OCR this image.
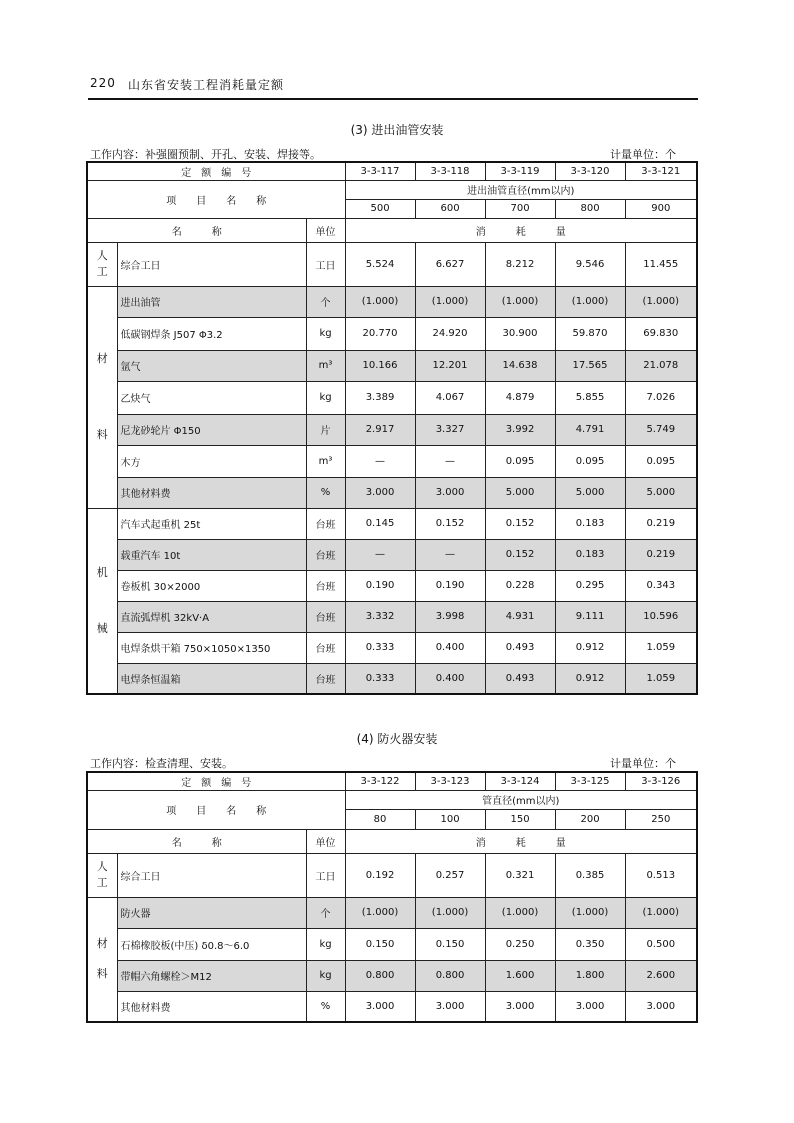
220 山东省安装工程消耗量定额
(3) 进出油管安装
工作内容：补强圈预制、开孔、安装、焊接等。	计量单位：个
定　额　编　号			3-3-117	3-3-118	3-3-119	3-3-120	3-3-121
项　　目　　名　　称			进出油管直径(mm以内)				
			500	600	700	800	900
名　　　称		单位	消　　　耗　　　量				
人工	综合工日	工日	5.524	6.627	8.212	9.546	11.455

材
料	进出油管	个	(1.000)	(1.000)	(1.000)	(1.000)	(1.000)
	低碳钢焊条 J507 Φ3.2	kg	20.770	24.920	30.900	59.870	69.830
	氩气	m³	10.166	12.201	14.638	17.565	21.078
	乙炔气	kg	3.389	4.067	4.879	5.855	7.026
	尼龙砂轮片 Φ150	片	2.917	3.327	3.992	4.791	5.749
	木方	m³	—	—	0.095	0.095	0.095
	其他材料费	%	3.000	3.000	5.000	5.000	5.000

机
械	汽车式起重机 25t	台班	0.145	0.152	0.152	0.183	0.219
	载重汽车 10t	台班	—	—	0.152	0.183	0.219
	卷板机 30×2000	台班	0.190	0.190	0.228	0.295	0.343
	直流弧焊机 32kV·A	台班	3.332	3.998	4.931	9.111	10.596
	电焊条烘干箱 750×1050×1350	台班	0.333	0.400	0.493	0.912	1.059
	电焊条恒温箱	台班	0.333	0.400	0.493	0.912	1.059
(4) 防火器安装
工作内容：检查清理、安装。	计量单位：个
定　额　编　号			3-3-122	3-3-123	3-3-124	3-3-125	3-3-126
项　　目　　名　　称			管直径(mm以内)				
			80	100	150	200	250
名　　　称		单位	消　　　耗　　　量				
人工	综合工日	工日	0.192	0.257	0.321	0.385	0.513

材
料	防火器	个	(1.000)	(1.000)	(1.000)	(1.000)	(1.000)
	石棉橡胶板(中压) δ0.8～6.0	kg	0.150	0.150	0.250	0.350	0.500
	带帽六角螺栓＞M12	kg	0.800	0.800	1.600	1.800	2.600
	其他材料费	%	3.000	3.000	3.000	3.000	3.000
